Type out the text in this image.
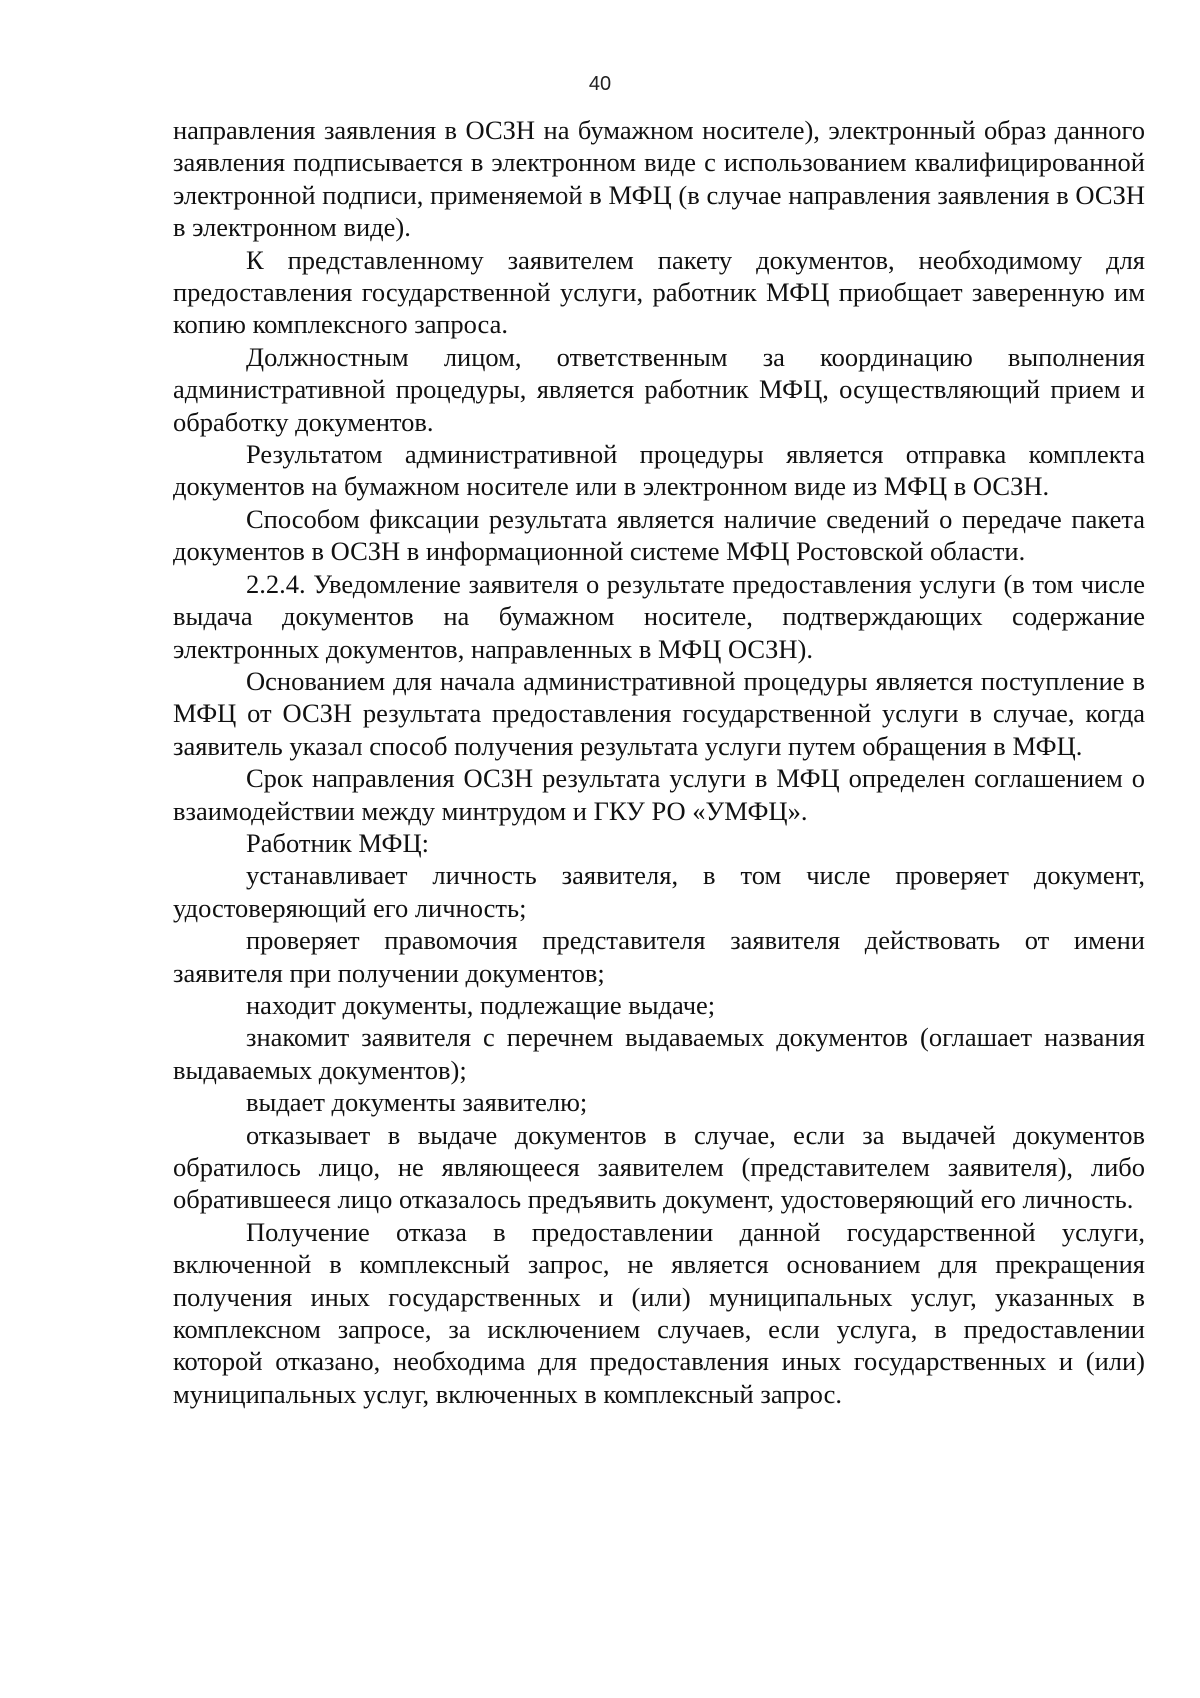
40

направления заявления в ОСЗН на бумажном носителе), электронный образ данного заявления подписывается в электронном виде с использованием квалифицированной электронной подписи, применяемой в МФЦ (в случае направления заявления в ОСЗН в электронном виде).

К представленному заявителем пакету документов, необходимому для предоставления государственной услуги, работник МФЦ приобщает заверенную им копию комплексного запроса.

Должностным лицом, ответственным за координацию выполнения административной процедуры, является работник МФЦ, осуществляющий прием и обработку документов.

Результатом административной процедуры является отправка комплекта документов на бумажном носителе или в электронном виде из МФЦ в ОСЗН.

Способом фиксации результата является наличие сведений о передаче пакета документов в ОСЗН в информационной системе МФЦ Ростовской области.

2.2.4. Уведомление заявителя о результате предоставления услуги (в том числе выдача документов на бумажном носителе, подтверждающих содержание электронных документов, направленных в МФЦ ОСЗН).

Основанием для начала административной процедуры является поступление в МФЦ от ОСЗН результата предоставления государственной услуги в случае, когда заявитель указал способ получения результата услуги путем обращения в МФЦ.

Срок направления ОСЗН результата услуги в МФЦ определен соглашением о взаимодействии между минтрудом и ГКУ РО «УМФЦ».

Работник МФЦ:

устанавливает личность заявителя, в том числе проверяет документ, удостоверяющий его личность;

проверяет правомочия представителя заявителя действовать от имени заявителя при получении документов;

находит документы, подлежащие выдаче;

знакомит заявителя с перечнем выдаваемых документов (оглашает названия выдаваемых документов);

выдает документы заявителю;

отказывает в выдаче документов в случае, если за выдачей документов обратилось лицо, не являющееся заявителем (представителем заявителя), либо обратившееся лицо отказалось предъявить документ, удостоверяющий его личность.

Получение отказа в предоставлении данной государственной услуги, включенной в комплексный запрос, не является основанием для прекращения получения иных государственных и (или) муниципальных услуг, указанных в комплексном запросе, за исключением случаев, если услуга, в предоставлении которой отказано, необходима для предоставления иных государственных и (или) муниципальных услуг, включенных в комплексный запрос.
